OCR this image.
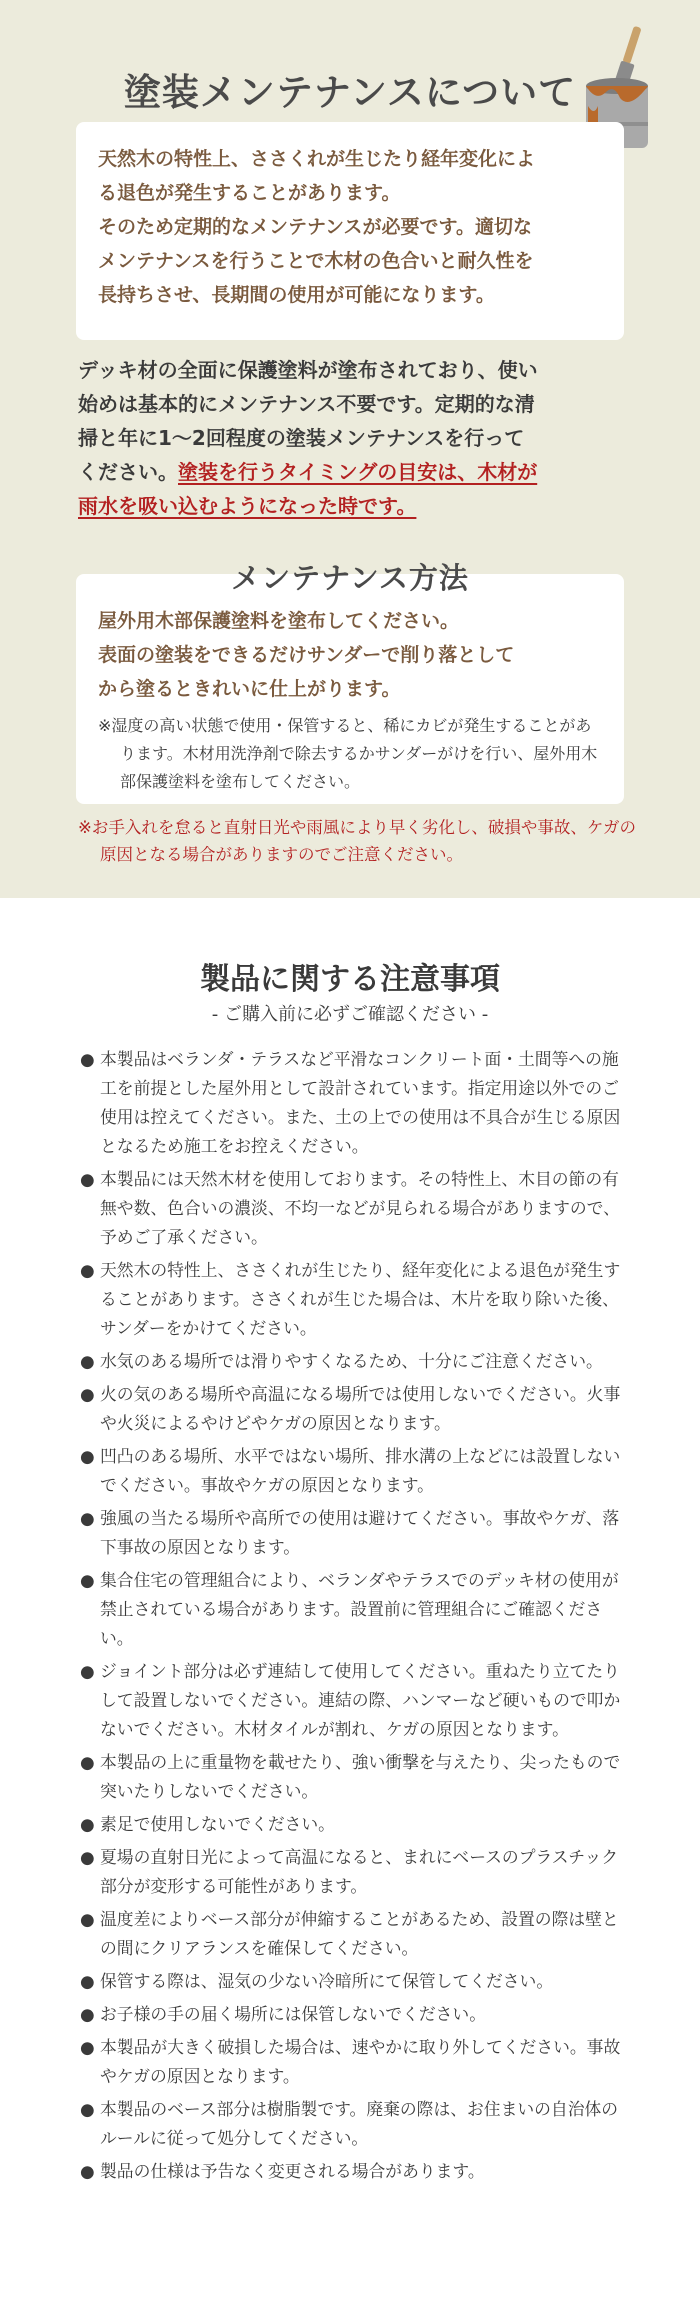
塗装メンテナンスについて

天然木の特性上、ささくれが生じたり経年変化によ

る退色が発生することがあります。

そのため定期的なメンテナンスが必要です。適切な

メンテナンスを行うことで木材の色合いと耐久性を

長持ちさせ、長期間の使用が可能になります。

デッキ材の全面に保護塗料が塗布されており、使い
始めは基本的にメンテナンス不要です。定期的な清
掃と年に1～2回程度の塗装メンテナンスを行って
ください。塗装を行うタイミングの目安は、木材が
雨水を吸い込むようになった時です。

屋外用木部保護塗料を塗布してください。

表面の塗装をできるだけサンダーで削り落として

から塗るときれいに仕上がります。

※湿度の高い状態で使用・保管すると、稀にカビが発生することがあります。木材用洗浄剤で除去するかサンダーがけを行い、屋外用木部保護塗料を塗布してください。

メンテナンス方法

※お手入れを怠ると直射日光や雨風により早く劣化し、破損や事故、ケガの原因となる場合がありますのでご注意ください。

製品に関する注意事項
- ご購入前に必ずご確認ください -
● 本製品はベランダ・テラスなど平滑なコンクリート面・土間等への施工を前提とした屋外用として設計されています。指定用途以外でのご使用は控えてください。また、土の上での使用は不具合が生じる原因となるため施工をお控えください。
● 本製品には天然木材を使用しております。その特性上、木目の節の有無や数、色合いの濃淡、不均一などが見られる場合がありますので、予めご了承ください。
● 天然木の特性上、ささくれが生じたり、経年変化による退色が発生することがあります。ささくれが生じた場合は、木片を取り除いた後、サンダーをかけてください。
● 水気のある場所では滑りやすくなるため、十分にご注意ください。
● 火の気のある場所や高温になる場所では使用しないでください。火事や火災によるやけどやケガの原因となります。
● 凹凸のある場所、水平ではない場所、排水溝の上などには設置しないでください。事故やケガの原因となります。
● 強風の当たる場所や高所での使用は避けてください。事故やケガ、落下事故の原因となります。
● 集合住宅の管理組合により、ベランダやテラスでのデッキ材の使用が禁止されている場合があります。設置前に管理組合にご確認ください。
● ジョイント部分は必ず連結して使用してください。重ねたり立てたりして設置しないでください。連結の際、ハンマーなど硬いもので叩かないでください。木材タイルが割れ、ケガの原因となります。
● 本製品の上に重量物を載せたり、強い衝撃を与えたり、尖ったもので突いたりしないでください。
● 素足で使用しないでください。
● 夏場の直射日光によって高温になると、まれにベースのプラスチック部分が変形する可能性があります。
● 温度差によりベース部分が伸縮することがあるため、設置の際は壁との間にクリアランスを確保してください。
● 保管する際は、湿気の少ない冷暗所にて保管してください。
● お子様の手の届く場所には保管しないでください。
● 本製品が大きく破損した場合は、速やかに取り外してください。事故やケガの原因となります。
● 本製品のベース部分は樹脂製です。廃棄の際は、お住まいの自治体のルールに従って処分してください。
● 製品の仕様は予告なく変更される場合があります。
